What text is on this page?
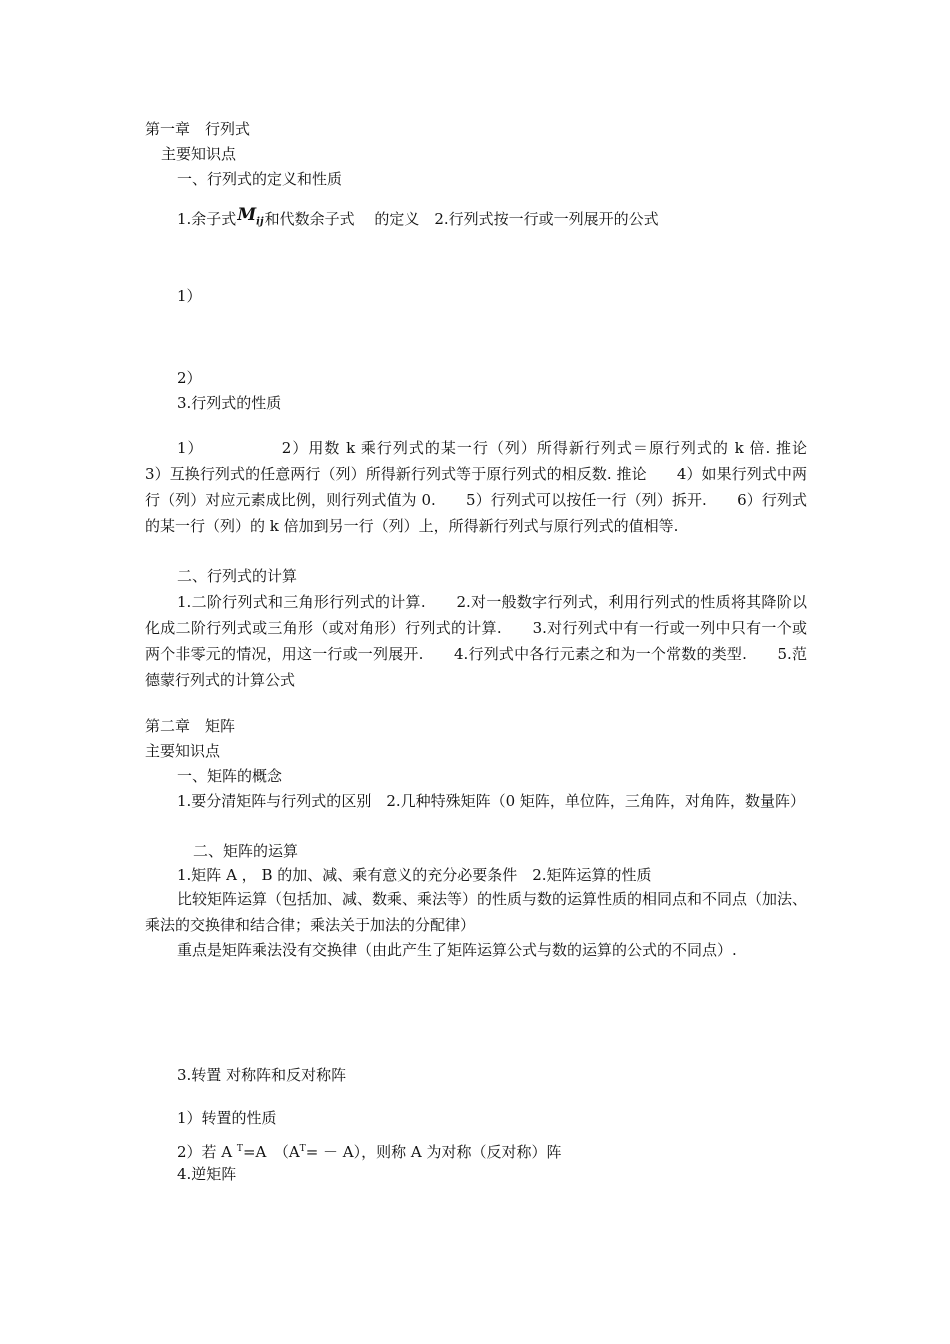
第一章　行列式

主要知识点

一、行列式的定义和性质

1.余子式$M_{ij}$和代数余子式　 的定义　2.行列式按一行或一列展开的公式

1）

2）

3.行列式的性质

1）　　　　　 2）用数 k 乘行列式的某一行（列）所得新行列式＝原行列式的 k 倍. 推论　　3）互换行列式的任意两行（列）所得新行列式等于原行列式的相反数. 推论　　4）如果行列式中两行（列）对应元素成比例，则行列式值为 0.　　5）行列式可以按任一行（列）拆开.　　6）行列式的某一行（列）的 k 倍加到另一行（列）上，所得新行列式与原行列式的值相等.

二、行列式的计算

1.二阶行列式和三角形行列式的计算.　　2.对一般数字行列式，利用行列式的性质将其降阶以化成二阶行列式或三角形（或对角形）行列式的计算.　　3.对行列式中有一行或一列中只有一个或两个非零元的情况，用这一行或一列展开.　　4.行列式中各行元素之和为一个常数的类型.　　5.范德蒙行列式的计算公式

第二章　矩阵

主要知识点

一、矩阵的概念

1.要分清矩阵与行列式的区别　2.几种特殊矩阵（0 矩阵，单位阵，三角阵，对角阵，数量阵）

二、矩阵的运算

1.矩阵 A ， B 的加、减、乘有意义的充分必要条件　2.矩阵运算的性质

比较矩阵运算（包括加、减、数乘、乘法等）的性质与数的运算性质的相同点和不同点（加法、乘法的交换律和结合律；乘法关于加法的分配律）

重点是矩阵乘法没有交换律（由此产生了矩阵运算公式与数的运算的公式的不同点）.

3.转置 对称阵和反对称阵

1）转置的性质

2）若 A $^T$=A　$(A^T= - A)$，则称 A 为对称（反对称）阵

4.逆矩阵
